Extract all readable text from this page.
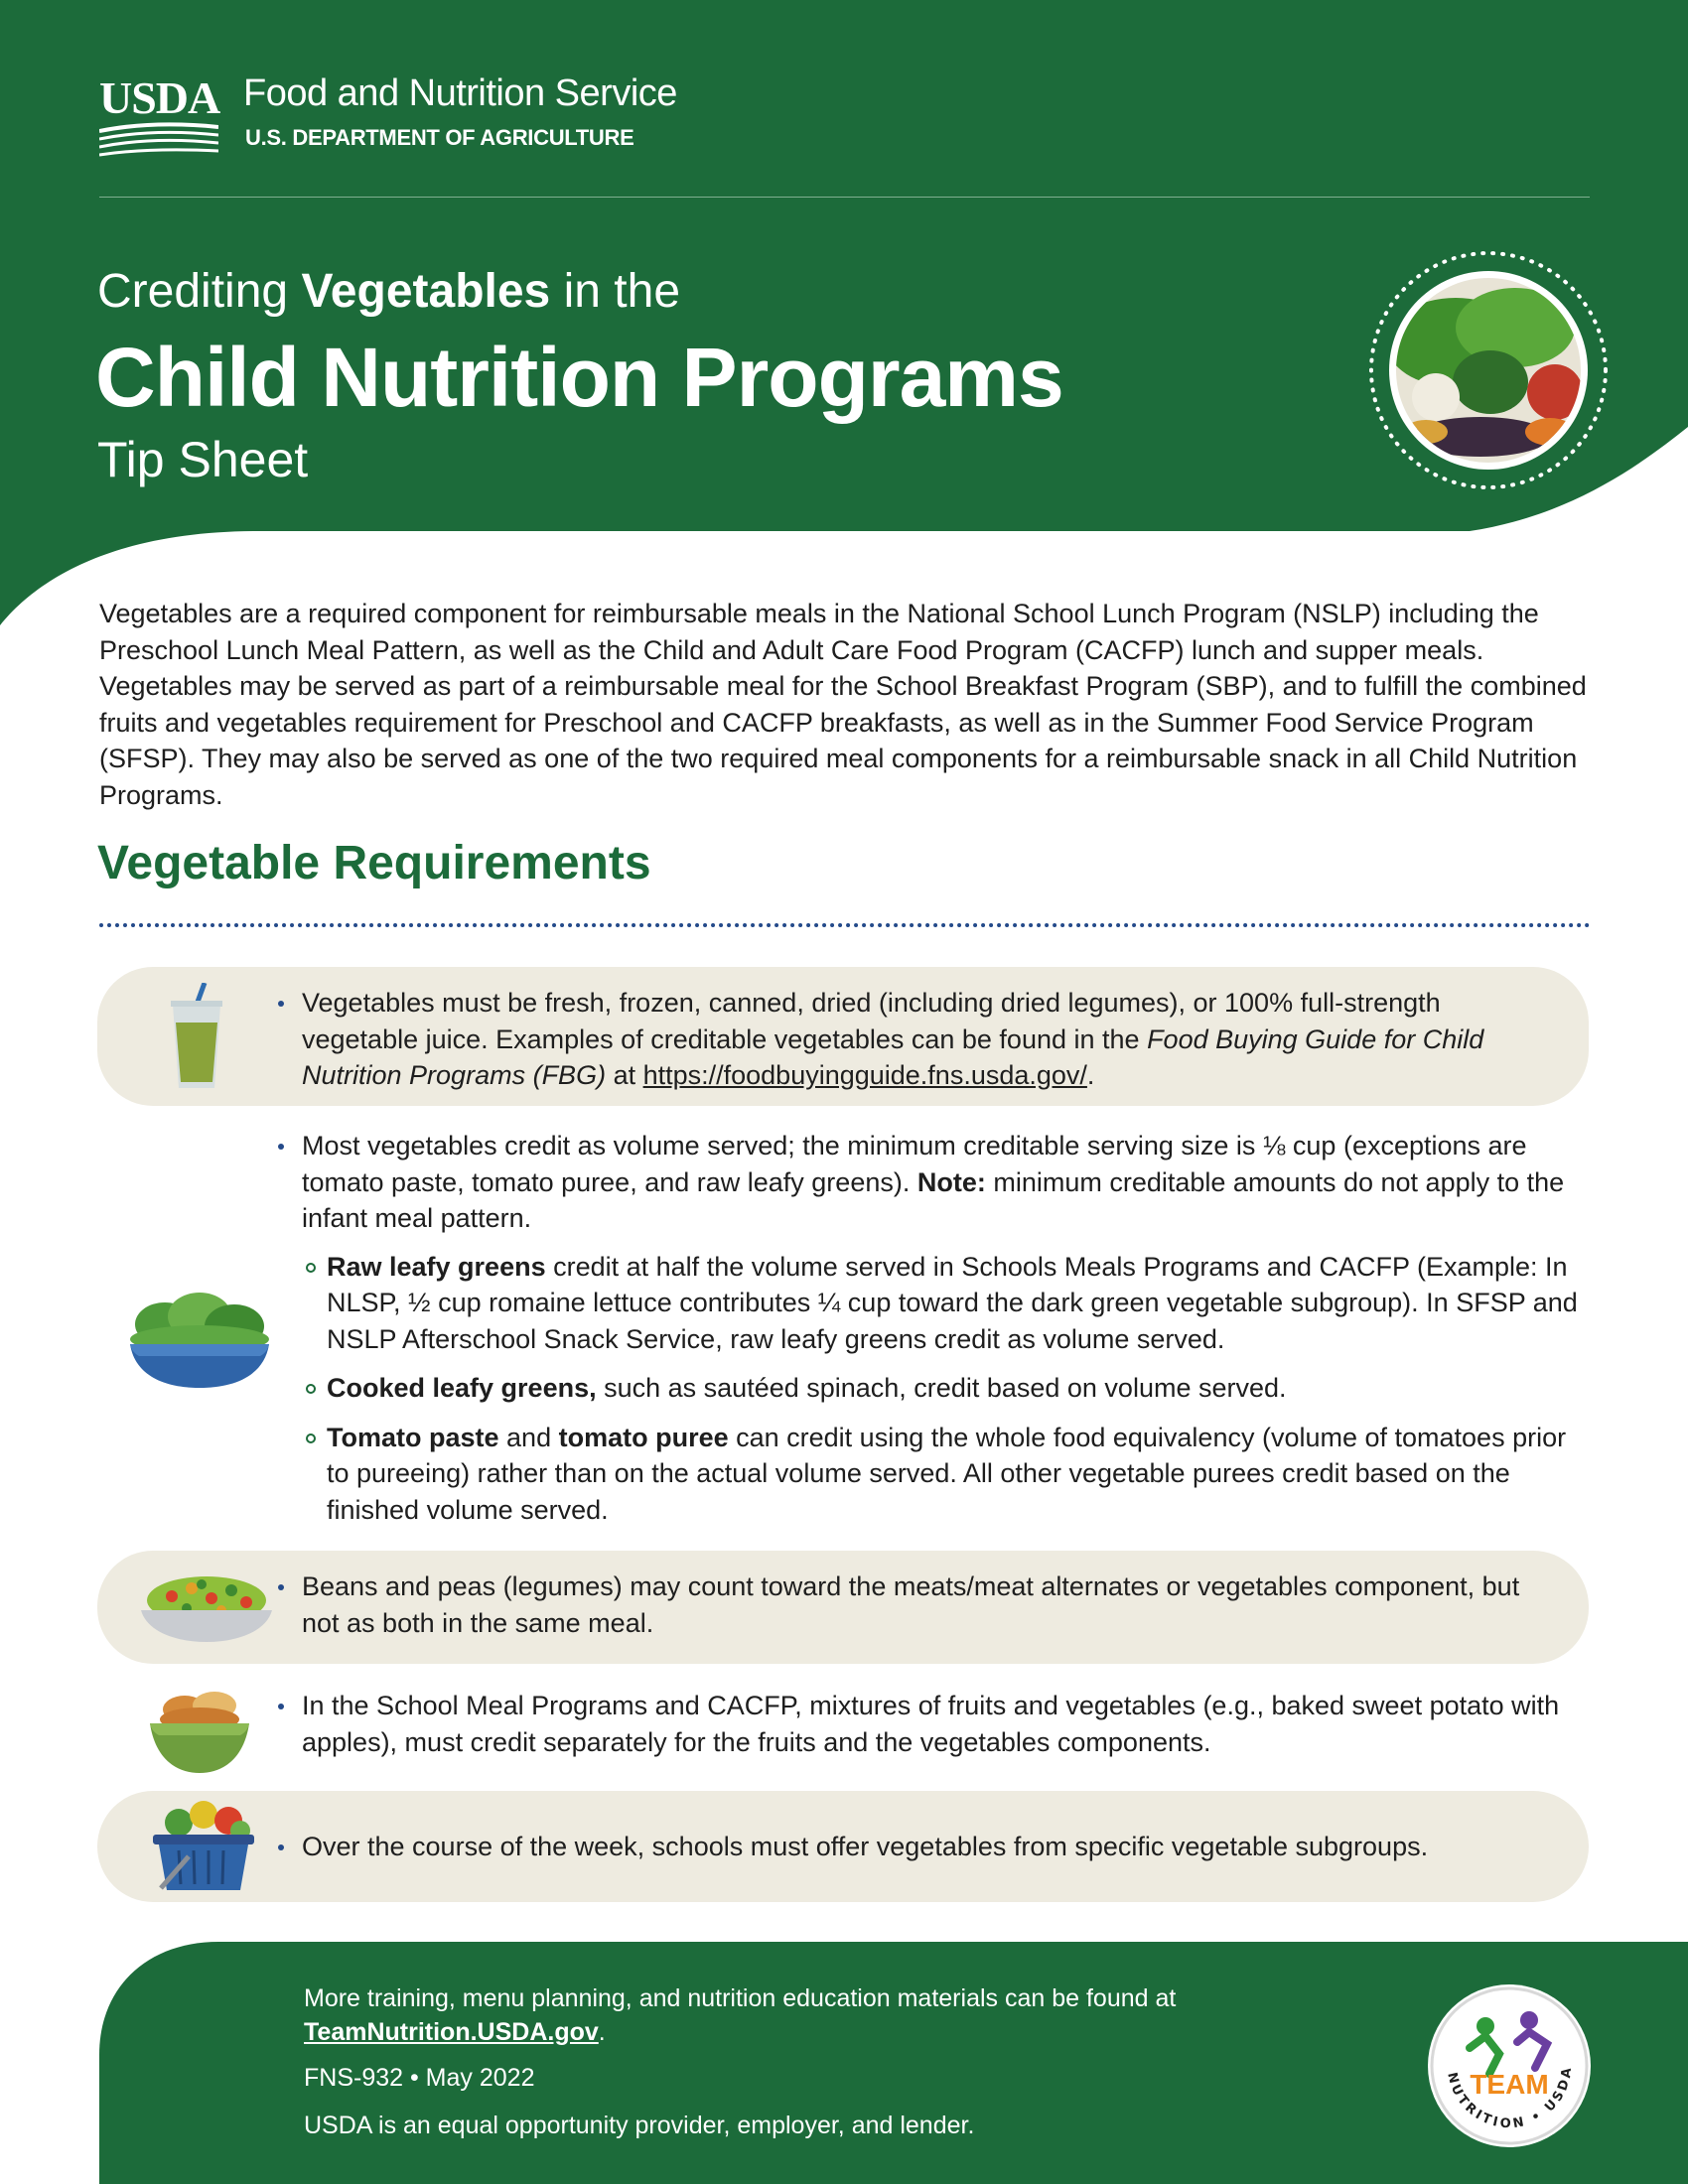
USDA Food and Nutrition Service
U.S. DEPARTMENT OF AGRICULTURE
Crediting Vegetables in the
Child Nutrition Programs
Tip Sheet

Vegetables are a required component for reimbursable meals in the National School Lunch Program (NSLP) including the Preschool Lunch Meal Pattern, as well as the Child and Adult Care Food Program (CACFP) lunch and supper meals. Vegetables may be served as part of a reimbursable meal for the School Breakfast Program (SBP), and to fulfill the combined fruits and vegetables requirement for Preschool and CACFP breakfasts, as well as in the Summer Food Service Program (SFSP). They may also be served as one of the two required meal components for a reimbursable snack in all Child Nutrition Programs.

Vegetable Requirements
Vegetables must be fresh, frozen, canned, dried (including dried legumes), or 100% full-strength vegetable juice. Examples of creditable vegetables can be found in the Food Buying Guide for Child Nutrition Programs (FBG) at https://foodbuyingguide.fns.usda.gov/.
Most vegetables credit as volume served; the minimum creditable serving size is ⅛ cup (exceptions are tomato paste, tomato puree, and raw leafy greens). Note: minimum creditable amounts do not apply to the infant meal pattern.
Raw leafy greens credit at half the volume served in Schools Meals Programs and CACFP (Example: In NLSP, ½ cup romaine lettuce contributes ¼ cup toward the dark green vegetable subgroup). In SFSP and NSLP Afterschool Snack Service, raw leafy greens credit as volume served.
Cooked leafy greens, such as sautéed spinach, credit based on volume served.
Tomato paste and tomato puree can credit using the whole food equivalency (volume of tomatoes prior to pureeing) rather than on the actual volume served. All other vegetable purees credit based on the finished volume served.
Beans and peas (legumes) may count toward the meats/meat alternates or vegetables component, but not as both in the same meal.
In the School Meal Programs and CACFP, mixtures of fruits and vegetables (e.g., baked sweet potato with apples), must credit separately for the fruits and the vegetables components.
Over the course of the week, schools must offer vegetables from specific vegetable subgroups.

More training, menu planning, and nutrition education materials can be found at
TeamNutrition.USDA.gov.

FNS-932 • May 2022

USDA is an equal opportunity provider, employer, and lender.

NUTRITION • USDA
TEAM
